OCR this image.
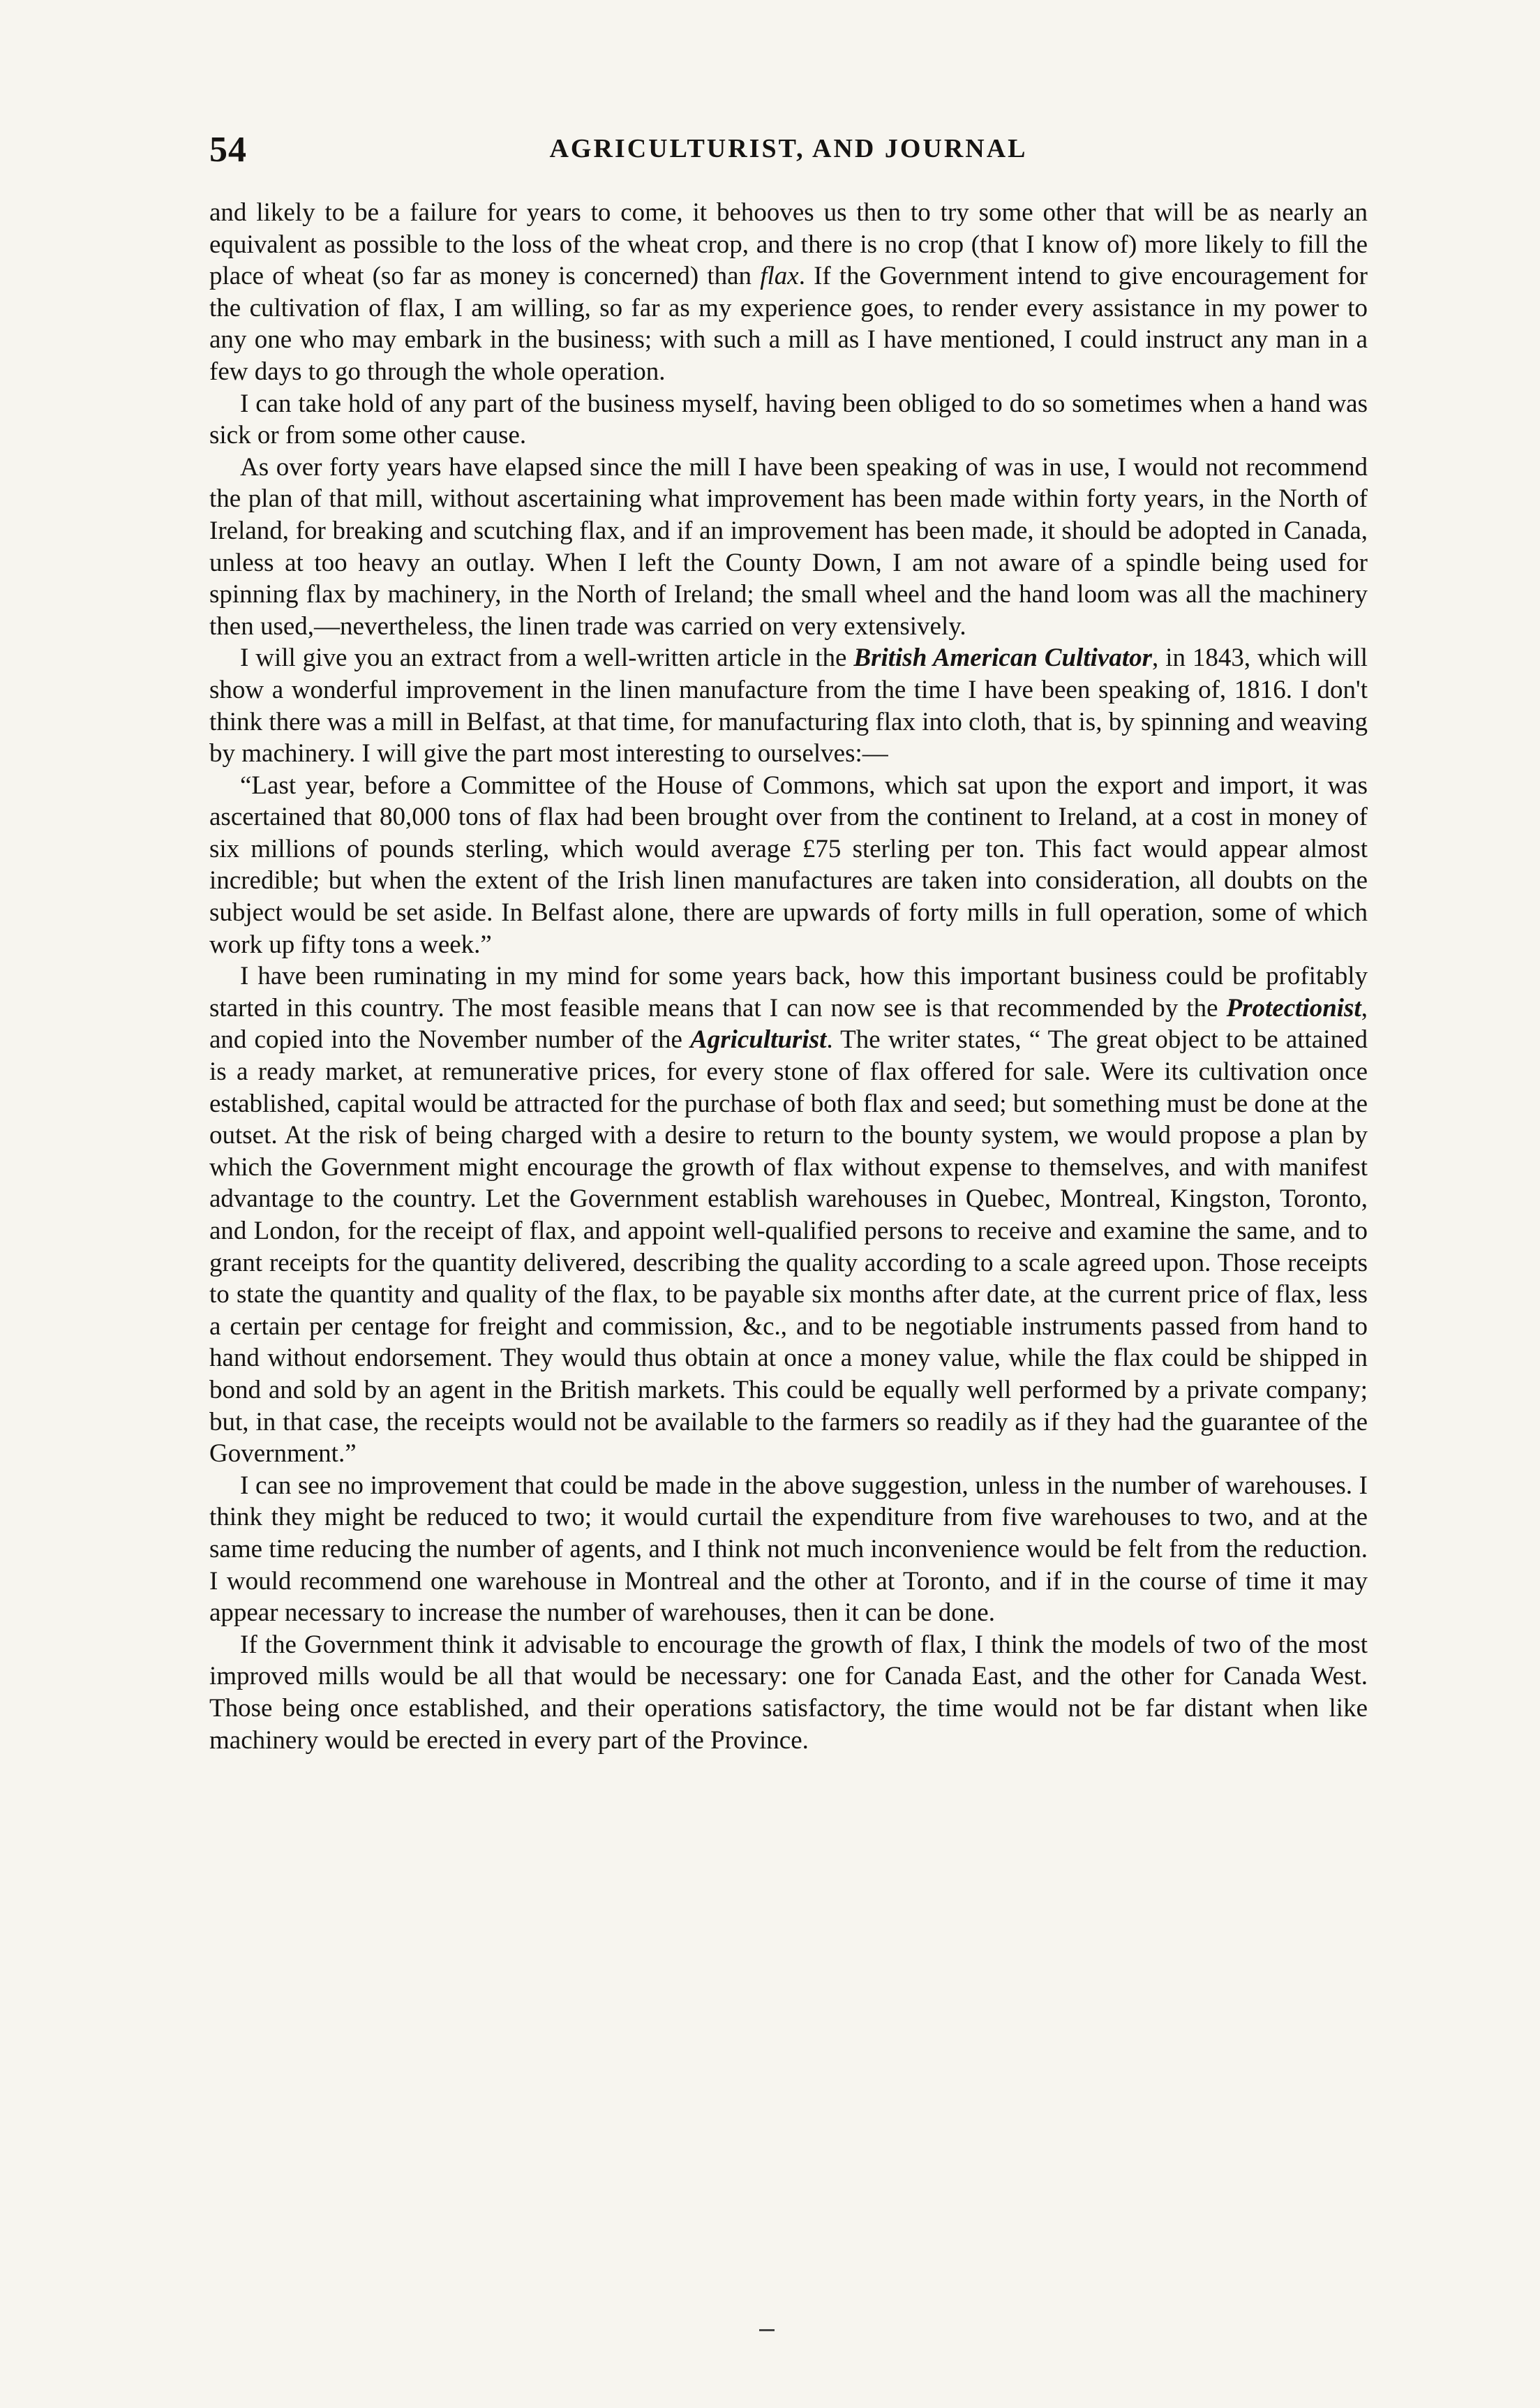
54	AGRICULTURIST, AND JOURNAL

and likely to be a failure for years to come, it behooves us then to try some other that will be as nearly an equivalent as possible to the loss of the wheat crop, and there is no crop (that I know of) more likely to fill the place of wheat (so far as money is concerned) than flax. If the Government intend to give encouragement for the cultivation of flax, I am willing, so far as my experience goes, to render every assistance in my power to any one who may embark in the business; with such a mill as I have mentioned, I could instruct any man in a few days to go through the whole operation.

I can take hold of any part of the business myself, having been obliged to do so sometimes when a hand was sick or from some other cause.

As over forty years have elapsed since the mill I have been speaking of was in use, I would not recommend the plan of that mill, without ascertaining what improvement has been made within forty years, in the North of Ireland, for breaking and scutching flax, and if an improvement has been made, it should be adopted in Canada, unless at too heavy an outlay. When I left the County Down, I am not aware of a spindle being used for spinning flax by machinery, in the North of Ireland; the small wheel and the hand loom was all the machinery then used,—nevertheless, the linen trade was carried on very extensively.

I will give you an extract from a well-written article in the British American Cultivator, in 1843, which will show a wonderful improvement in the linen manufacture from the time I have been speaking of, 1816. I don't think there was a mill in Belfast, at that time, for manufacturing flax into cloth, that is, by spinning and weaving by machinery. I will give the part most interesting to ourselves:—

“Last year, before a Committee of the House of Commons, which sat upon the export and import, it was ascertained that 80,000 tons of flax had been brought over from the continent to Ireland, at a cost in money of six millions of pounds sterling, which would average £75 sterling per ton. This fact would appear almost incredible; but when the extent of the Irish linen manufactures are taken into consideration, all doubts on the subject would be set aside. In Belfast alone, there are upwards of forty mills in full operation, some of which work up fifty tons a week.”

I have been ruminating in my mind for some years back, how this important business could be profitably started in this country. The most feasible means that I can now see is that recommended by the Protectionist, and copied into the November number of the Agriculturist. The writer states, “ The great object to be attained is a ready market, at remunerative prices, for every stone of flax offered for sale. Were its cultivation once established, capital would be attracted for the purchase of both flax and seed; but something must be done at the outset. At the risk of being charged with a desire to return to the bounty system, we would propose a plan by which the Government might encourage the growth of flax without expense to themselves, and with manifest advantage to the country. Let the Government establish warehouses in Quebec, Montreal, Kingston, Toronto, and London, for the receipt of flax, and appoint well-qualified persons to receive and examine the same, and to grant receipts for the quantity delivered, describing the quality according to a scale agreed upon. Those receipts to state the quantity and quality of the flax, to be payable six months after date, at the current price of flax, less a certain per centage for freight and commission, &c., and to be negotiable instruments passed from hand to hand without endorsement. They would thus obtain at once a money value, while the flax could be shipped in bond and sold by an agent in the British markets. This could be equally well performed by a private company; but, in that case, the receipts would not be available to the farmers so readily as if they had the guarantee of the Government.”

I can see no improvement that could be made in the above suggestion, unless in the number of warehouses. I think they might be reduced to two; it would curtail the expenditure from five warehouses to two, and at the same time reducing the number of agents, and I think not much inconvenience would be felt from the reduction. I would recommend one warehouse in Montreal and the other at Toronto, and if in the course of time it may appear necessary to increase the number of warehouses, then it can be done.

If the Government think it advisable to encourage the growth of flax, I think the models of two of the most improved mills would be all that would be necessary: one for Canada East, and the other for Canada West. Those being once established, and their operations satisfactory, the time would not be far distant when like machinery would be erected in every part of the Province.
